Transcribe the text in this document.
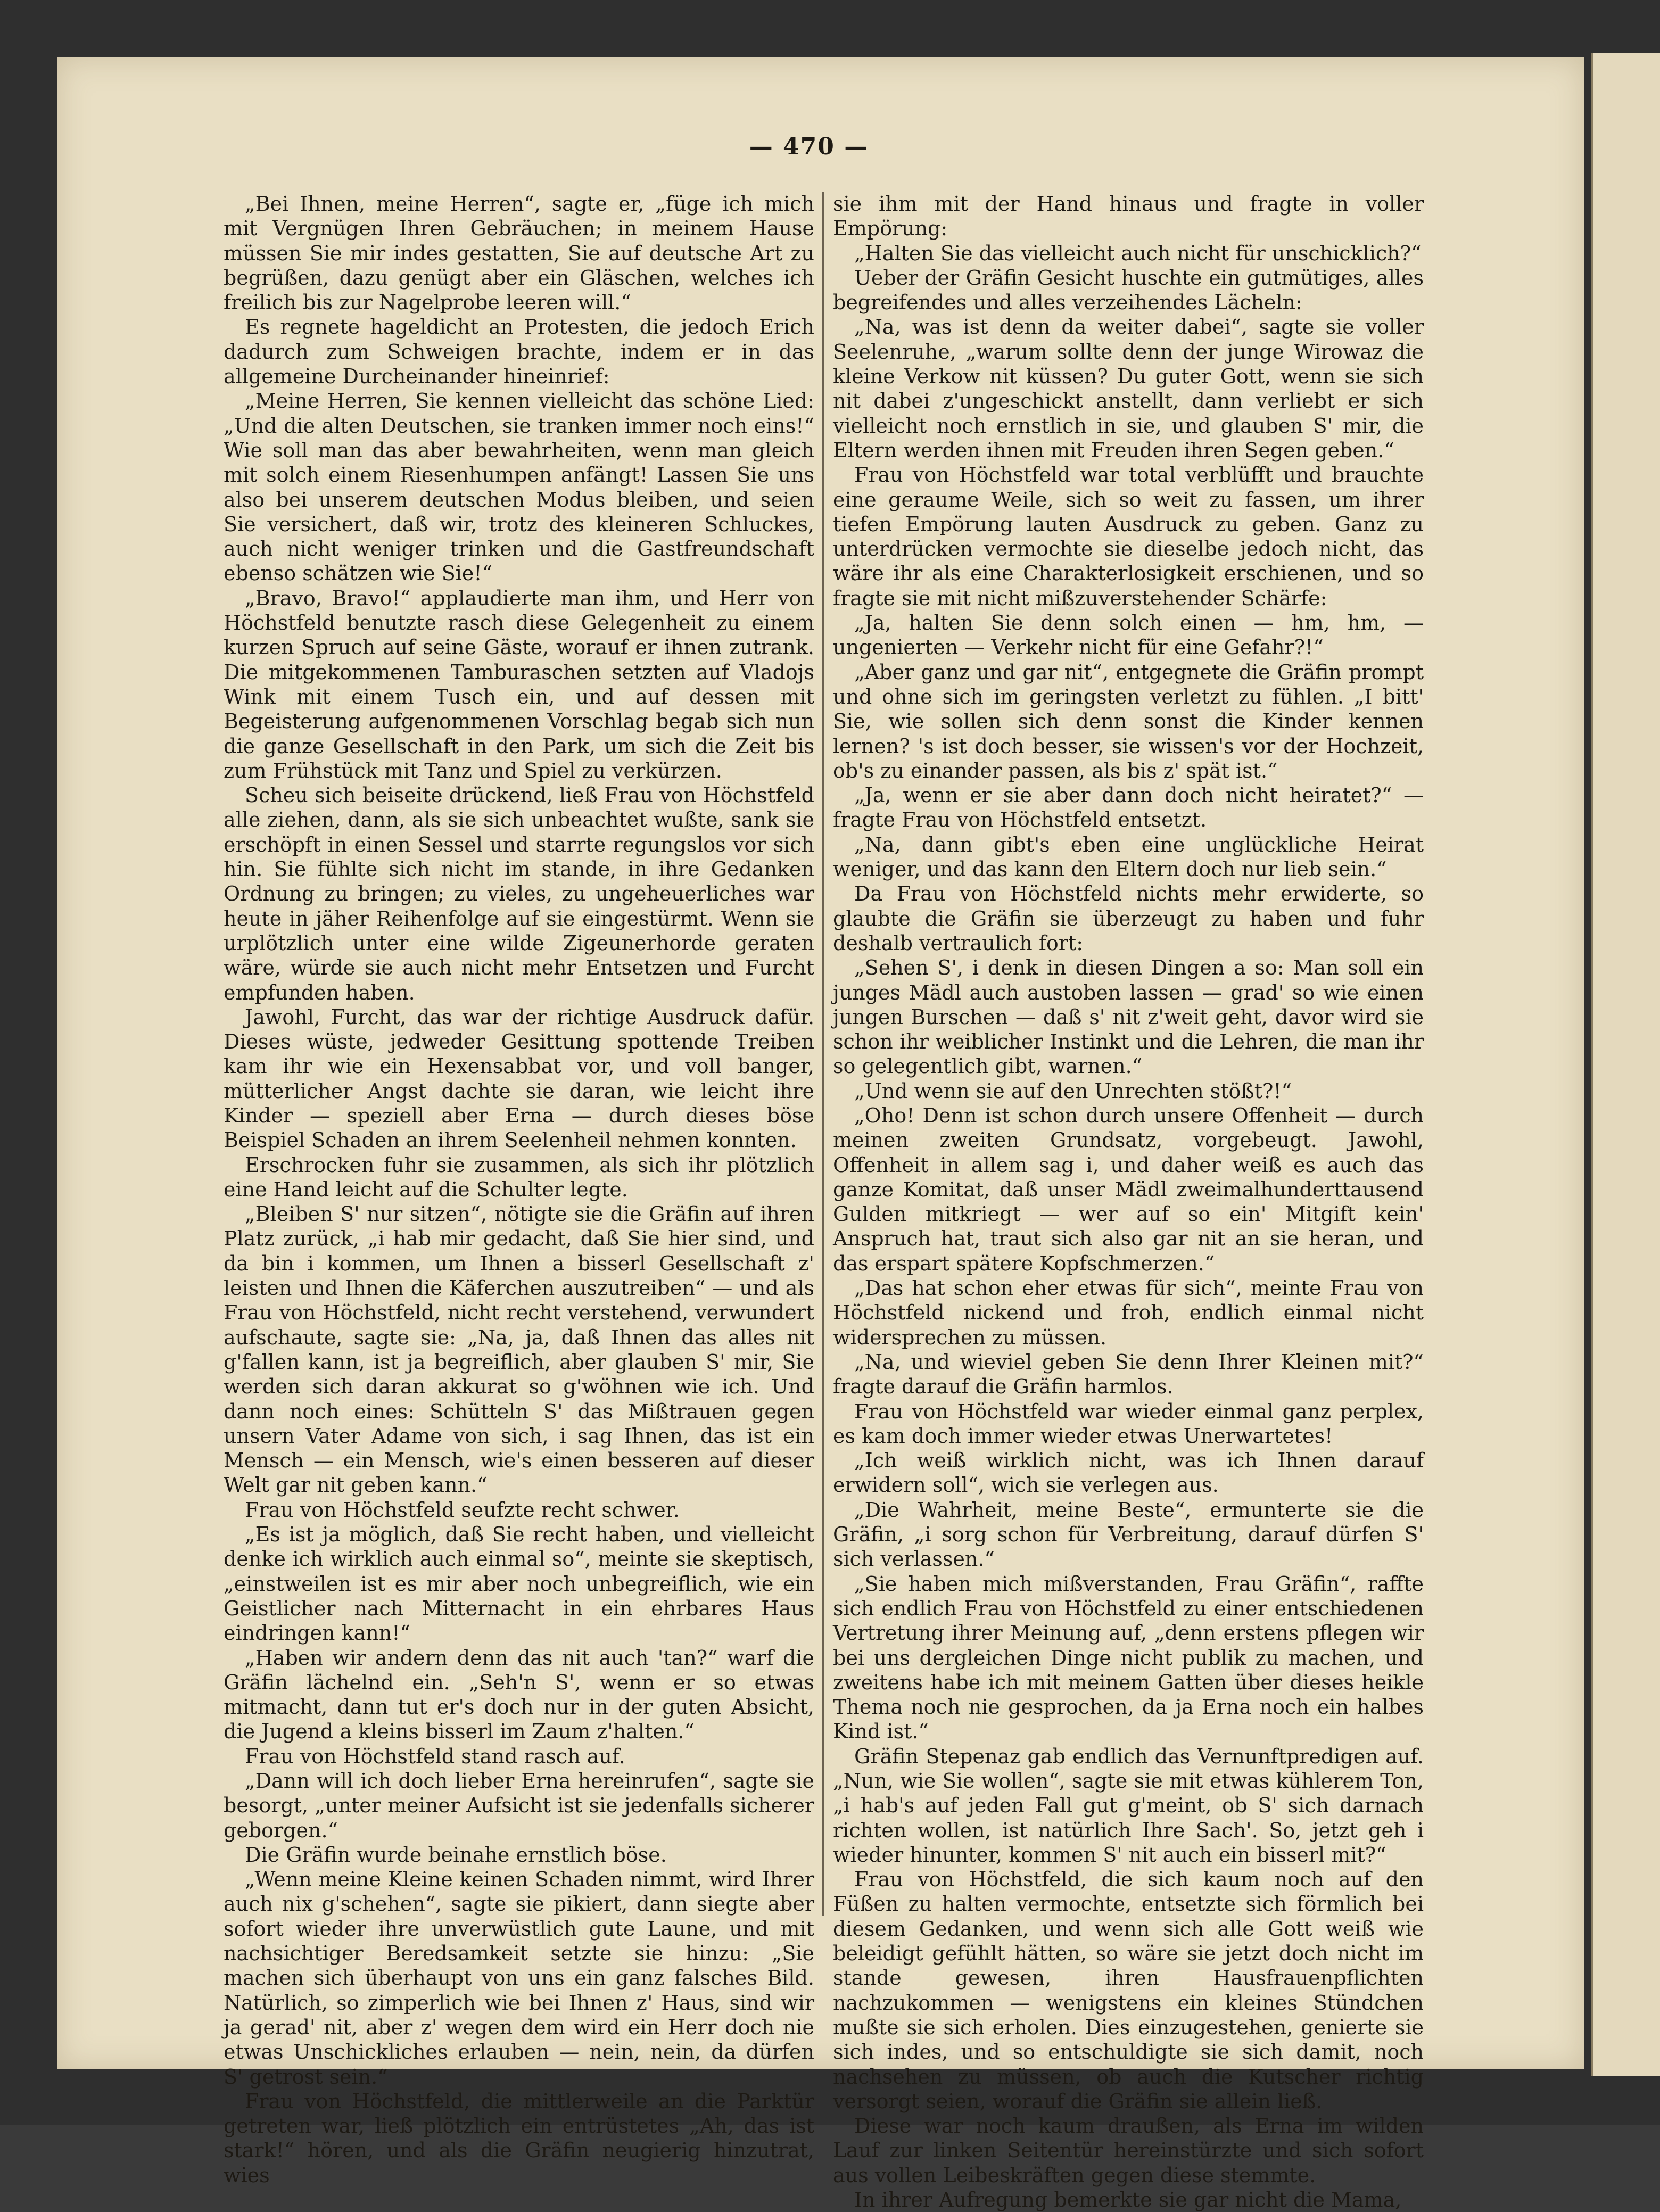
— 470 —

„Bei Ihnen, meine Herren“, sagte er, „füge ich mich mit Vergnügen Ihren Gebräuchen; in meinem Hause müssen Sie mir indes gestatten, Sie auf deutsche Art zu begrüßen, dazu genügt aber ein Gläschen, welches ich freilich bis zur Nagelprobe leeren will.“

Es regnete hageldicht an Protesten, die jedoch Erich dadurch zum Schweigen brachte, indem er in das allgemeine Durcheinander hineinrief:

„Meine Herren, Sie kennen vielleicht das schöne Lied: „Und die alten Deutschen, sie tranken immer noch eins!“ Wie soll man das aber bewahrheiten, wenn man gleich mit solch einem Riesenhumpen anfängt! Lassen Sie uns also bei unserem deutschen Modus bleiben, und seien Sie versichert, daß wir, trotz des kleineren Schluckes, auch nicht weniger trinken und die Gastfreundschaft ebenso schätzen wie Sie!“

„Bravo, Bravo!“ applaudierte man ihm, und Herr von Höchstfeld benutzte rasch diese Gelegenheit zu einem kurzen Spruch auf seine Gäste, worauf er ihnen zutrank. Die mitgekommenen Tamburaschen setzten auf Vladojs Wink mit einem Tusch ein, und auf dessen mit Begeisterung aufgenommenen Vorschlag begab sich nun die ganze Gesellschaft in den Park, um sich die Zeit bis zum Frühstück mit Tanz und Spiel zu verkürzen.

Scheu sich beiseite drückend, ließ Frau von Höchstfeld alle ziehen, dann, als sie sich unbeachtet wußte, sank sie erschöpft in einen Sessel und starrte regungslos vor sich hin. Sie fühlte sich nicht im stande, in ihre Gedanken Ordnung zu bringen; zu vieles, zu ungeheuerliches war heute in jäher Reihenfolge auf sie eingestürmt. Wenn sie urplötzlich unter eine wilde Zigeunerhorde geraten wäre, würde sie auch nicht mehr Entsetzen und Furcht empfunden haben.

Jawohl, Furcht, das war der richtige Ausdruck dafür. Dieses wüste, jedweder Gesittung spottende Treiben kam ihr wie ein Hexensabbat vor, und voll banger, mütterlicher Angst dachte sie daran, wie leicht ihre Kinder — speziell aber Erna — durch dieses böse Beispiel Schaden an ihrem Seelenheil nehmen konnten.

Erschrocken fuhr sie zusammen, als sich ihr plötzlich eine Hand leicht auf die Schulter legte.

„Bleiben S' nur sitzen“, nötigte sie die Gräfin auf ihren Platz zurück, „i hab mir gedacht, daß Sie hier sind, und da bin i kommen, um Ihnen a bisserl Gesellschaft z' leisten und Ihnen die Käferchen auszutreiben“ — und als Frau von Höchstfeld, nicht recht verstehend, verwundert aufschaute, sagte sie: „Na, ja, daß Ihnen das alles nit g'fallen kann, ist ja begreiflich, aber glauben S' mir, Sie werden sich daran akkurat so g'wöhnen wie ich. Und dann noch eines: Schütteln S' das Mißtrauen gegen unsern Vater Adame von sich, i sag Ihnen, das ist ein Mensch — ein Mensch, wie's einen besseren auf dieser Welt gar nit geben kann.“

Frau von Höchstfeld seufzte recht schwer.

„Es ist ja möglich, daß Sie recht haben, und vielleicht denke ich wirklich auch einmal so“, meinte sie skeptisch, „einstweilen ist es mir aber noch unbegreiflich, wie ein Geistlicher nach Mitternacht in ein ehrbares Haus eindringen kann!“

„Haben wir andern denn das nit auch 'tan?“ warf die Gräfin lächelnd ein. „Seh'n S', wenn er so etwas mitmacht, dann tut er's doch nur in der guten Absicht, die Jugend a kleins bisserl im Zaum z'halten.“

Frau von Höchstfeld stand rasch auf.

„Dann will ich doch lieber Erna hereinrufen“, sagte sie besorgt, „unter meiner Aufsicht ist sie jedenfalls sicherer geborgen.“

Die Gräfin wurde beinahe ernstlich böse.

„Wenn meine Kleine keinen Schaden nimmt, wird Ihrer auch nix g'schehen“, sagte sie pikiert, dann siegte aber sofort wieder ihre unverwüstlich gute Laune, und mit nachsichtiger Beredsamkeit setzte sie hinzu: „Sie machen sich überhaupt von uns ein ganz falsches Bild. Natürlich, so zimperlich wie bei Ihnen z' Haus, sind wir ja gerad' nit, aber z' wegen dem wird ein Herr doch nie etwas Unschickliches erlauben — nein, nein, da dürfen S' getrost sein.“

Frau von Höchstfeld, die mittlerweile an die Parktür getreten war, ließ plötzlich ein entrüstetes „Ah, das ist stark!“ hören, und als die Gräfin neugierig hinzutrat, wies

sie ihm mit der Hand hinaus und fragte in voller Empörung:

„Halten Sie das vielleicht auch nicht für unschicklich?“

Ueber der Gräfin Gesicht huschte ein gutmütiges, alles begreifendes und alles verzeihendes Lächeln:

„Na, was ist denn da weiter dabei“, sagte sie voller Seelenruhe, „warum sollte denn der junge Wirowaz die kleine Verkow nit küssen? Du guter Gott, wenn sie sich nit dabei z'ungeschickt anstellt, dann verliebt er sich vielleicht noch ernstlich in sie, und glauben S' mir, die Eltern werden ihnen mit Freuden ihren Segen geben.“

Frau von Höchstfeld war total verblüfft und brauchte eine geraume Weile, sich so weit zu fassen, um ihrer tiefen Empörung lauten Ausdruck zu geben. Ganz zu unterdrücken vermochte sie dieselbe jedoch nicht, das wäre ihr als eine Charakterlosigkeit erschienen, und so fragte sie mit nicht mißzuverstehender Schärfe:

„Ja, halten Sie denn solch einen — hm, hm, — ungenierten — Verkehr nicht für eine Gefahr?!“

„Aber ganz und gar nit“, entgegnete die Gräfin prompt und ohne sich im geringsten verletzt zu fühlen. „I bitt' Sie, wie sollen sich denn sonst die Kinder kennen lernen? 's ist doch besser, sie wissen's vor der Hochzeit, ob's zu einander passen, als bis z' spät ist.“

„Ja, wenn er sie aber dann doch nicht heiratet?“ — fragte Frau von Höchstfeld entsetzt.

„Na, dann gibt's eben eine unglückliche Heirat weniger, und das kann den Eltern doch nur lieb sein.“

Da Frau von Höchstfeld nichts mehr erwiderte, so glaubte die Gräfin sie überzeugt zu haben und fuhr deshalb vertraulich fort:

„Sehen S', i denk in diesen Dingen a so: Man soll ein junges Mädl auch austoben lassen — grad' so wie einen jungen Burschen — daß s' nit z'weit geht, davor wird sie schon ihr weiblicher Instinkt und die Lehren, die man ihr so gelegentlich gibt, warnen.“

„Und wenn sie auf den Unrechten stößt?!“

„Oho! Denn ist schon durch unsere Offenheit — durch meinen zweiten Grundsatz, vorgebeugt. Jawohl, Offenheit in allem sag i, und daher weiß es auch das ganze Komitat, daß unser Mädl zweimalhunderttausend Gulden mitkriegt — wer auf so ein' Mitgift kein' Anspruch hat, traut sich also gar nit an sie heran, und das erspart spätere Kopfschmerzen.“

„Das hat schon eher etwas für sich“, meinte Frau von Höchstfeld nickend und froh, endlich einmal nicht widersprechen zu müssen.

„Na, und wieviel geben Sie denn Ihrer Kleinen mit?“ fragte darauf die Gräfin harmlos.

Frau von Höchstfeld war wieder einmal ganz perplex, es kam doch immer wieder etwas Unerwartetes!

„Ich weiß wirklich nicht, was ich Ihnen darauf erwidern soll“, wich sie verlegen aus.

„Die Wahrheit, meine Beste“, ermunterte sie die Gräfin, „i sorg schon für Verbreitung, darauf dürfen S' sich verlassen.“

„Sie haben mich mißverstanden, Frau Gräfin“, raffte sich endlich Frau von Höchstfeld zu einer entschiedenen Vertretung ihrer Meinung auf, „denn erstens pflegen wir bei uns dergleichen Dinge nicht publik zu machen, und zweitens habe ich mit meinem Gatten über dieses heikle Thema noch nie gesprochen, da ja Erna noch ein halbes Kind ist.“

Gräfin Stepenaz gab endlich das Vernunftpredigen auf. „Nun, wie Sie wollen“, sagte sie mit etwas kühlerem Ton, „i hab's auf jeden Fall gut g'meint, ob S' sich darnach richten wollen, ist natürlich Ihre Sach'. So, jetzt geh i wieder hinunter, kommen S' nit auch ein bisserl mit?“

Frau von Höchstfeld, die sich kaum noch auf den Füßen zu halten vermochte, entsetzte sich förmlich bei diesem Gedanken, und wenn sich alle Gott weiß wie beleidigt gefühlt hätten, so wäre sie jetzt doch nicht im stande gewesen, ihren Hausfrauenpflichten nachzukommen — wenigstens ein kleines Stündchen mußte sie sich erholen. Dies einzugestehen, genierte sie sich indes, und so entschuldigte sie sich damit, noch nachsehen zu müssen, ob auch die Kutscher richtig versorgt seien, worauf die Gräfin sie allein ließ.

Diese war noch kaum draußen, als Erna im wilden Lauf zur linken Seitentür hereinstürzte und sich sofort aus vollen Leibeskräften gegen diese stemmte.

In ihrer Aufregung bemerkte sie gar nicht die Mama,
